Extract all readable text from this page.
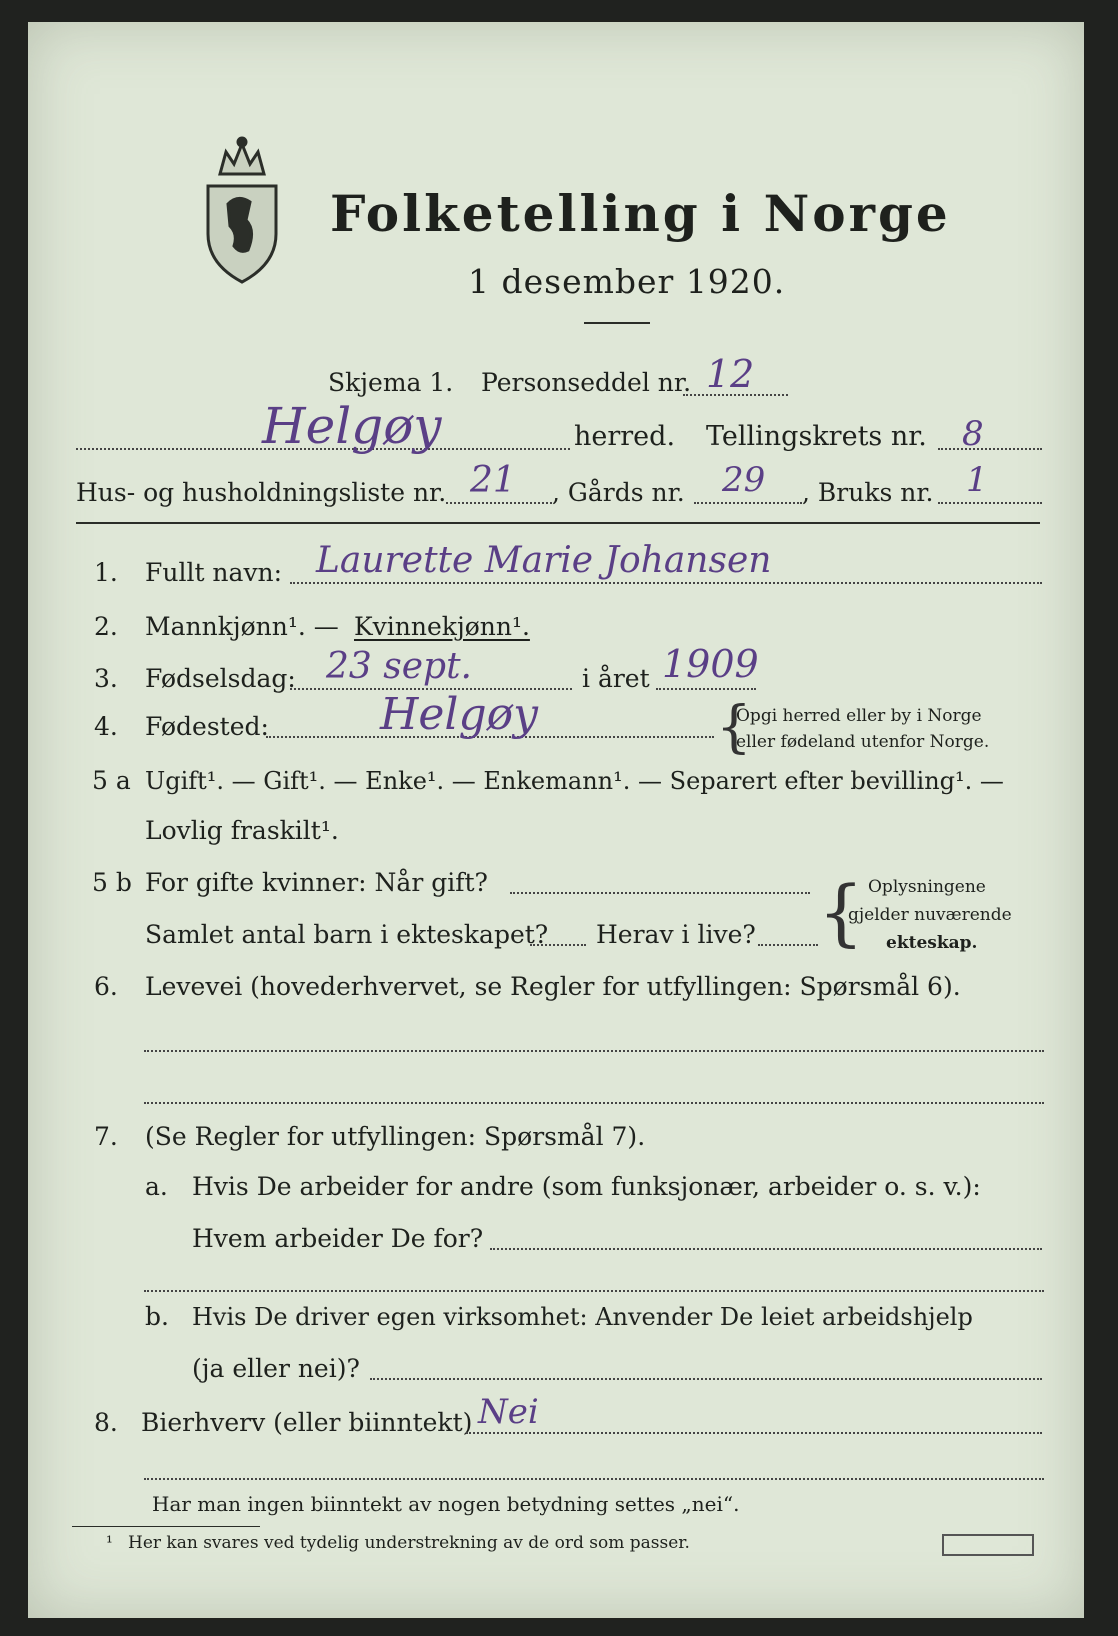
Folketelling i Norge
1 desember 1920.
Skjema 1. Personseddel nr. 12
Helgøy	herred. Tellingskrets nr. 8
Hus- og husholdningsliste nr. 21 , Gårds nr. 29 , Bruks nr. 1
1. Fullt navn: Laurette Marie Johansen
2. Mannkjønn¹. — Kvinnekjønn¹.
3. Fødselsdag: 23 sept.	i året 1909
4. Fødested:	Helgøy	{
Opgi herred eller by i Norge
eller fødeland utenfor Norge.
5 a Ugift¹. — Gift¹. — Enke¹. — Enkemann¹. — Separert efter bevilling¹. —
Lovlig fraskilt¹.
5 b For gifte kvinner: Når gift?
Samlet antal barn i ekteskapet? Herav i live? { Oplysningene
gjelder nuværende
ekteskap.
6. Levevei (hovederhvervet, se Regler for utfyllingen: Spørsmål 6).
7. (Se Regler for utfyllingen: Spørsmål 7).
a. Hvis De arbeider for andre (som funksjonær, arbeider o. s. v.):
Hvem arbeider De for?
b. Hvis De driver egen virksomhet: Anvender De leiet arbeidshjelp
(ja eller nei)?
8. Bierhverv (eller biinntekt) Nei
Har man ingen biinntekt av nogen betydning settes „nei“.
¹ Her kan svares ved tydelig understrekning av de ord som passer.
